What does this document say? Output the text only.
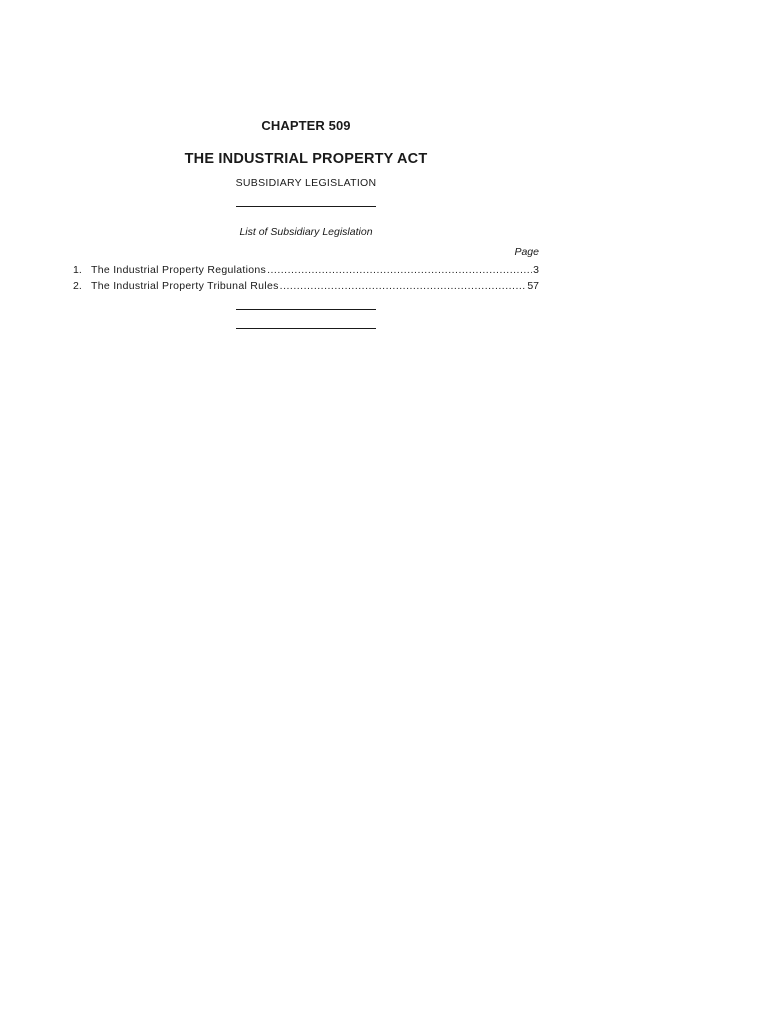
CHAPTER 509
THE INDUSTRIAL PROPERTY ACT
SUBSIDIARY LEGISLATION
List of Subsidiary Legislation
Page
1. The Industrial Property Regulations .....	3
2. The Industrial Property Tribunal Rules .....	57
